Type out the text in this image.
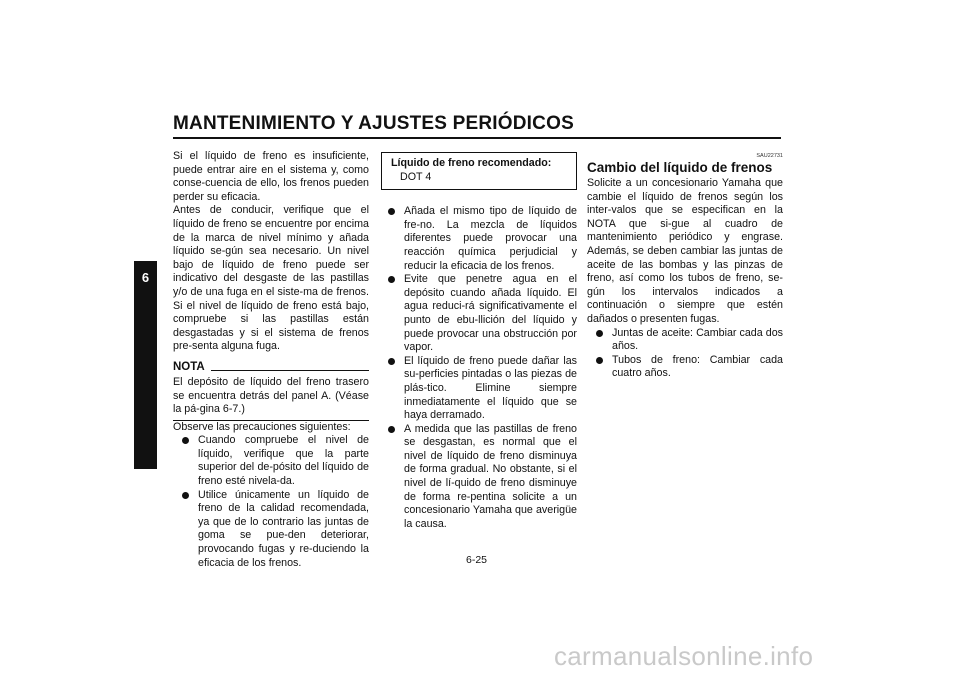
MANTENIMIENTO Y AJUSTES PERIÓDICOS
6

Si el líquido de freno es insuficiente, puede entrar aire en el sistema y, como conse-cuencia de ello, los frenos pueden perder su eficacia.

Antes de conducir, verifique que el líquido de freno se encuentre por encima de la marca de nivel mínimo y añada líquido se-gún sea necesario. Un nivel bajo de líquido de freno puede ser indicativo del desgaste de las pastillas y/o de una fuga en el siste-ma de frenos. Si el nivel de líquido de freno está bajo, compruebe si las pastillas están desgastadas y si el sistema de frenos pre-senta alguna fuga.

NOTA

El depósito de líquido del freno trasero se encuentra detrás del panel A. (Véase la pá-gina 6-7.)

Observe las precauciones siguientes:

Cuando compruebe el nivel de líquido, verifique que la parte superior del de-pósito del líquido de freno esté nivela-da.
Utilice únicamente un líquido de freno de la calidad recomendada, ya que de lo contrario las juntas de goma se pue-den deteriorar, provocando fugas y re-duciendo la eficacia de los frenos.
Líquido de freno recomendado:
DOT 4
Añada el mismo tipo de líquido de fre-no. La mezcla de líquidos diferentes puede provocar una reacción química perjudicial y reducir la eficacia de los frenos.
Evite que penetre agua en el depósito cuando añada líquido. El agua reduci-rá significativamente el punto de ebu-llición del líquido y puede provocar una obstrucción por vapor.
El líquido de freno puede dañar las su-perficies pintadas o las piezas de plás-tico. Elimine siempre inmediatamente el líquido que se haya derramado.
A medida que las pastillas de freno se desgastan, es normal que el nivel de líquido de freno disminuya de forma gradual. No obstante, si el nivel de lí-quido de freno disminuye de forma re-pentina solicite a un concesionario Yamaha que averigüe la causa.
SAU22731
Cambio del líquido de frenos

Solicite a un concesionario Yamaha que cambie el líquido de frenos según los inter-valos que se especifican en la NOTA que si-gue al cuadro de mantenimiento periódico y engrase. Además, se deben cambiar las juntas de aceite de las bombas y las pinzas de freno, así como los tubos de freno, se-gún los intervalos indicados a continuación o siempre que estén dañados o presenten fugas.

Juntas de aceite: Cambiar cada dos años.
Tubos de freno: Cambiar cada cuatro años.
6-25
carmanualsonline.info
